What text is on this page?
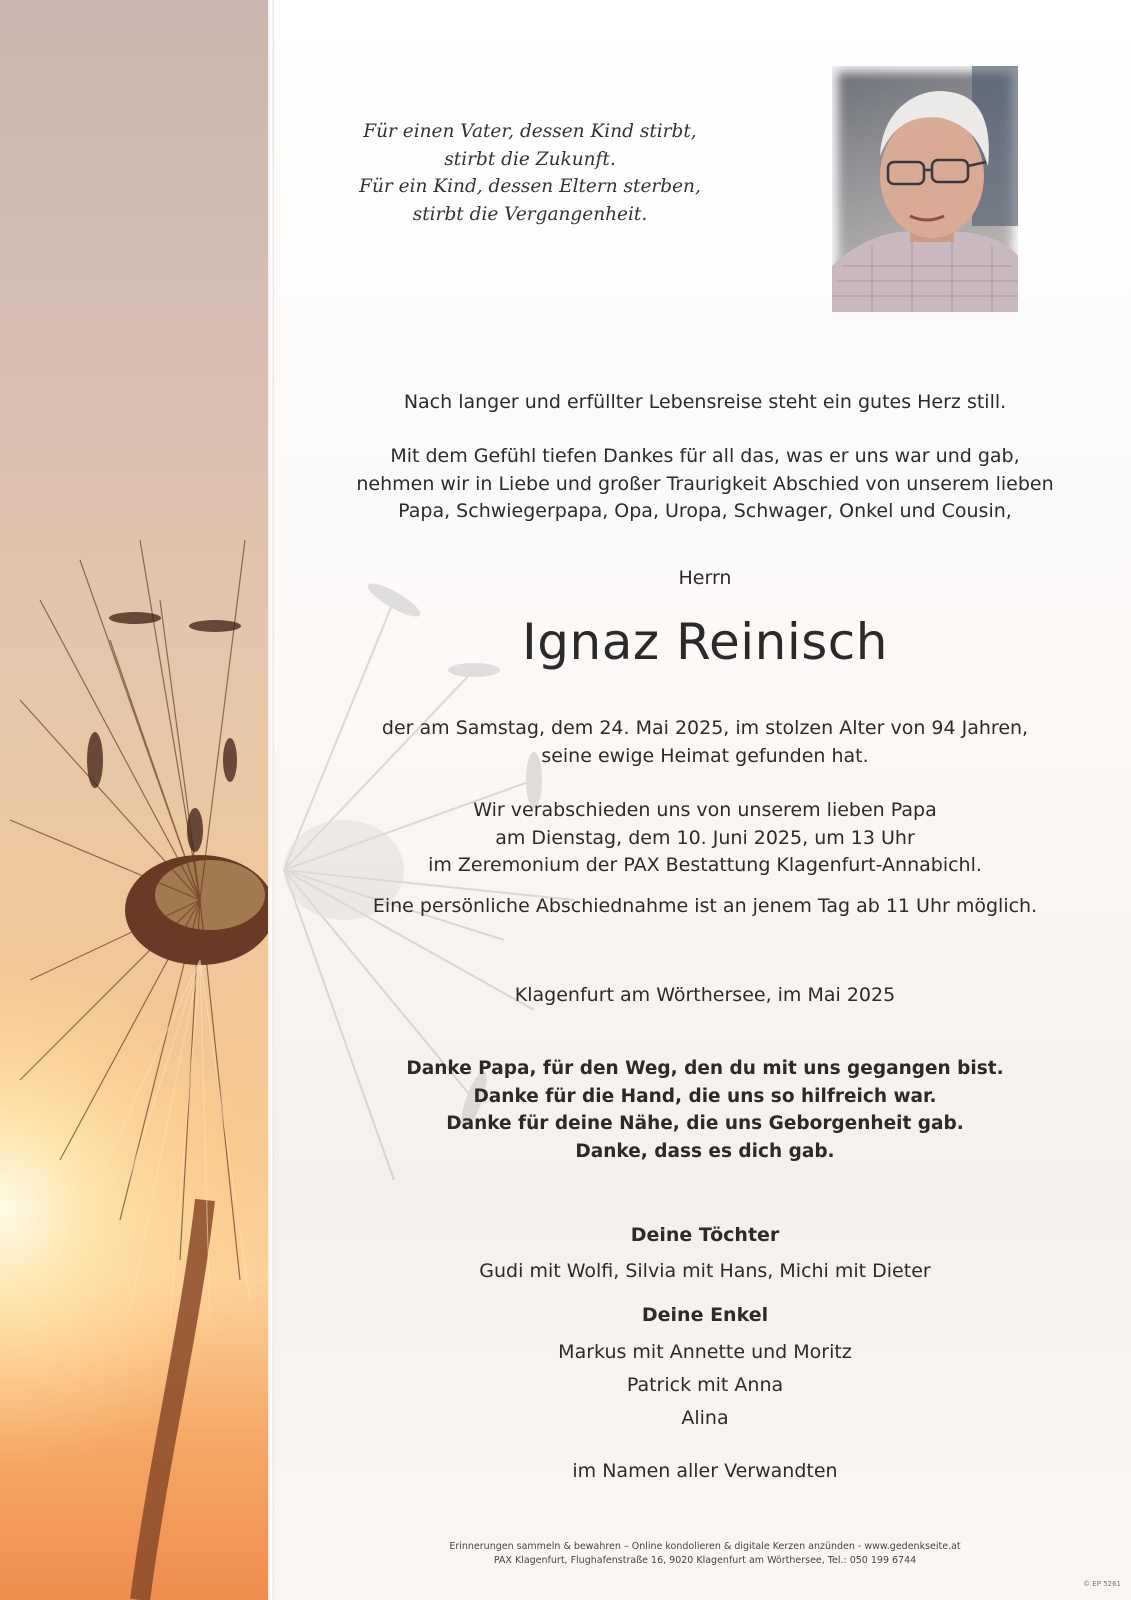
Für einen Vater, dessen Kind stirbt,
stirbt die Zukunft.
Für ein Kind, dessen Eltern sterben,
stirbt die Vergangenheit.
Nach langer und erfüllter Lebensreise steht ein gutes Herz still.
Mit dem Gefühl tiefen Dankes für all das, was er uns war und gab,
nehmen wir in Liebe und großer Traurigkeit Abschied von unserem lieben
Papa, Schwiegerpapa, Opa, Uropa, Schwager, Onkel und Cousin,
Herrn
Ignaz Reinisch
der am Samstag, dem 24. Mai 2025, im stolzen Alter von 94 Jahren,
seine ewige Heimat gefunden hat.
Wir verabschieden uns von unserem lieben Papa
am Dienstag, dem 10. Juni 2025, um 13 Uhr
im Zeremonium der PAX Bestattung Klagenfurt-Annabichl.
Eine persönliche Abschiednahme ist an jenem Tag ab 11 Uhr möglich.
Klagenfurt am Wörthersee, im Mai 2025
Danke Papa, für den Weg, den du mit uns gegangen bist.
Danke für die Hand, die uns so hilfreich war.
Danke für deine Nähe, die uns Geborgenheit gab.
Danke, dass es dich gab.
Deine Töchter
Gudi mit Wolfi, Silvia mit Hans, Michi mit Dieter
Deine Enkel
Markus mit Annette und Moritz
Patrick mit Anna
Alina
im Namen aller Verwandten
Erinnerungen sammeln & bewahren – Online kondolieren & digitale Kerzen anzünden - www.gedenkseite.at
PAX Klagenfurt, Flughafenstraße 16, 9020 Klagenfurt am Wörthersee, Tel.: 050 199 6744
© EP 5261
